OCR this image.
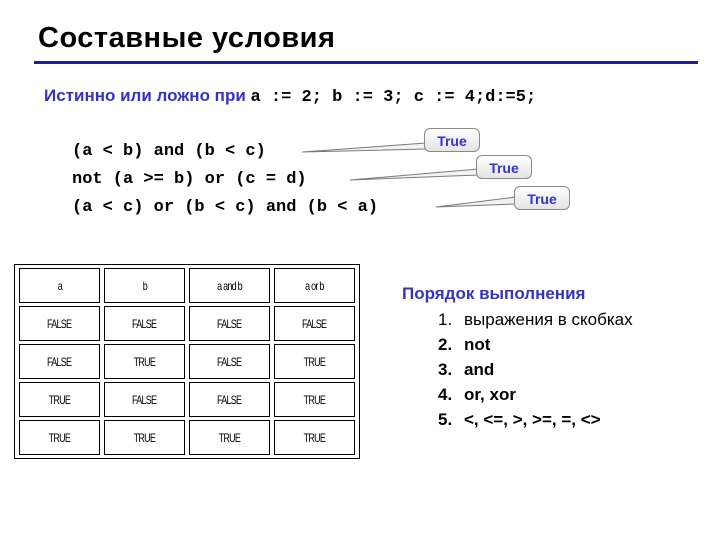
Составные условия
Истинно или ложно при a := 2; b := 3; c := 4;d:=5;
(a < b) and (b < c)
not (a >= b) or (c = d)
(a < c) or (b < c) and (b < a)
True
True
True
a	b	a and b	a or b
FALSE	FALSE	FALSE	FALSE
FALSE	TRUE	FALSE	TRUE
TRUE	FALSE	FALSE	TRUE
TRUE	TRUE	TRUE	TRUE
Порядок выполнения
1. выражения в скобках
2. not
3. and
4. or, xor
5. <, <=, >, >=, =, <>
